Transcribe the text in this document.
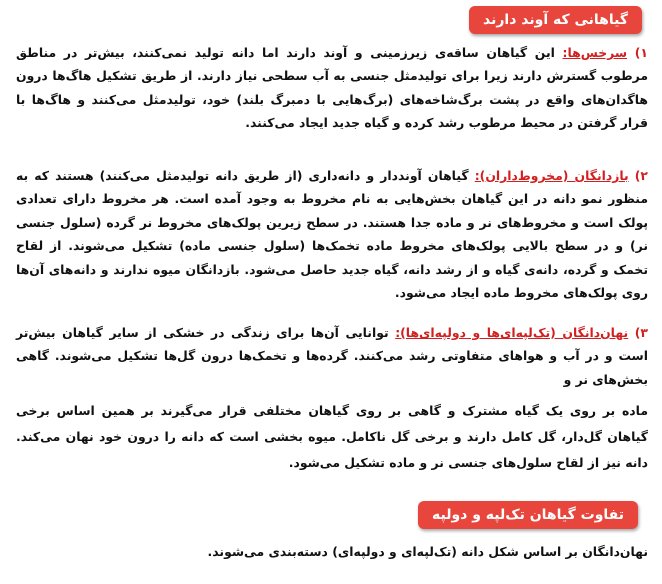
گیاهانی که آوند دارند
۱) سرخس‌ها: این گیاهان ساقه‌ی زیرزمینی و آوند دارند اما دانه تولید نمی‌کنند، بیش‌تر در مناطق مرطوب گسترش دارند زیرا برای تولیدمثل جنسی به آب سطحی نیاز دارند. از طریق تشکیل هاگ‌ها درون هاگدان‌های واقع در پشت برگ‌شاخه‌های (برگ‌هایی با دمبرگ بلند) خود، تولیدمثل می‌کنند و هاگ‌ها با قرار گرفتن در محیط مرطوب رشد کرده و گیاه جدید ایجاد می‌کنند.
۲) بازدانگان (مخروط‌داران): گیاهان آونددار و دانه‌داری (از طریق دانه تولیدمثل می‌کنند) هستند که به منظور نمو دانه در این گیاهان بخش‌هایی به نام مخروط به وجود آمده است. هر مخروط دارای تعدادی پولک است و مخروط‌های نر و ماده جدا هستند. در سطح زیرین پولک‌های مخروط نر گرده (سلول جنسی نر) و در سطح بالایی پولک‌های مخروط ماده تخمک‌ها (سلول جنسی ماده) تشکیل می‌شوند. از لقاح تخمک و گرده، دانه‌ی گیاه و از رشد دانه، گیاه جدید حاصل می‌شود. بازدانگان میوه ندارند و دانه‌های آن‌ها روی پولک‌های مخروط ماده ایجاد می‌شود.
۳) نهان‌دانگان (تک‌لپه‌ای‌ها و دولپه‌ای‌ها): توانایی آن‌ها برای زندگی در خشکی از سایر گیاهان بیش‌تر است و در آب و هواهای متفاوتی رشد می‌کنند. گرده‌ها و تخمک‌ها درون گل‌ها تشکیل می‌شوند. گاهی بخش‌های نر و
ماده بر روی یک گیاه مشترک و گاهی بر روی گیاهان مختلفی قرار می‌گیرند بر همین اساس برخی گیاهان گل‌دار، گل کامل دارند و برخی گل ناکامل. میوه بخشی است که دانه را درون خود نهان می‌کند. دانه نیز از لقاح سلول‌های جنسی نر و ماده تشکیل می‌شود.
تفاوت گیاهان تک‌لپه و دولپه
نهان‌دانگان بر اساس شکل دانه (تک‌لپه‌ای و دولپه‌ای) دسته‌بندی می‌شوند.
